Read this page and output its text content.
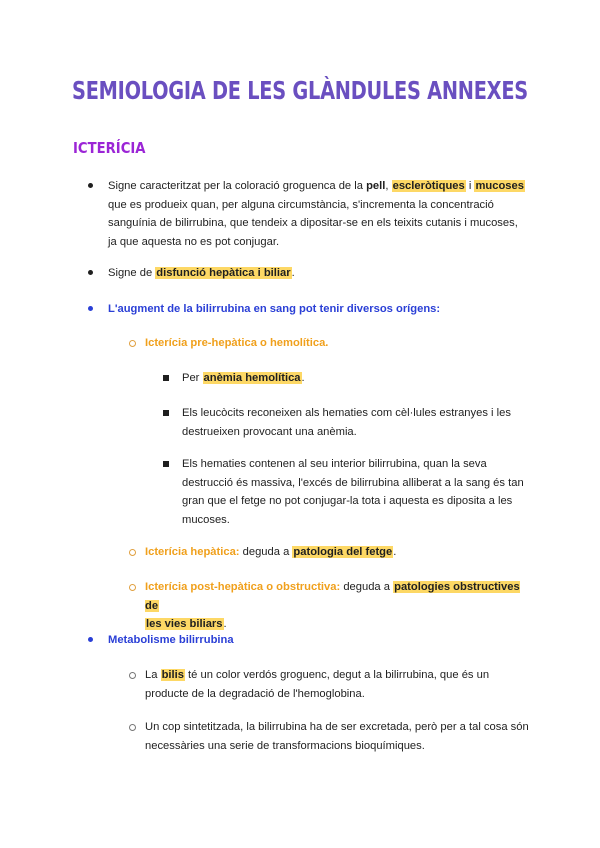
SEMIOLOGIA DE LES GLÀNDULES ANNEXES
ICTERÍCIA
Signe caracteritzat per la coloració groguenca de la pell, escleròtiques i mucoses
que es produeix quan, per alguna circumstància, s'incrementa la concentració
sanguínia de bilirrubina, que tendeix a dipositar-se en els teixits cutanis i mucoses,
ja que aquesta no es pot conjugar.
Signe de disfunció hepàtica i biliar.
L'augment de la bilirrubina en sang pot tenir diversos orígens:
Icterícia pre-hepàtica o hemolítica.
Per anèmia hemolítica.
Els leucòcits reconeixen als hematies com cèl·lules estranyes i les
destrueixen provocant una anèmia.
Els hematies contenen al seu interior bilirrubina, quan la seva
destrucció és massiva, l'excés de bilirrubina alliberat a la sang és tan
gran que el fetge no pot conjugar-la tota i aquesta es diposita a les
mucoses.
Icterícia hepàtica: deguda a patologia del fetge.
Icterícia post-hepàtica o obstructiva: deguda a patologies obstructives de
les vies biliars.
Metabolisme bilirrubina
La bilis té un color verdós groguenc, degut a la bilirrubina, que és un
producte de la degradació de l'hemoglobina.
Un cop sintetitzada, la bilirrubina ha de ser excretada, però per a tal cosa són
necessàries una serie de transformacions bioquímiques.
